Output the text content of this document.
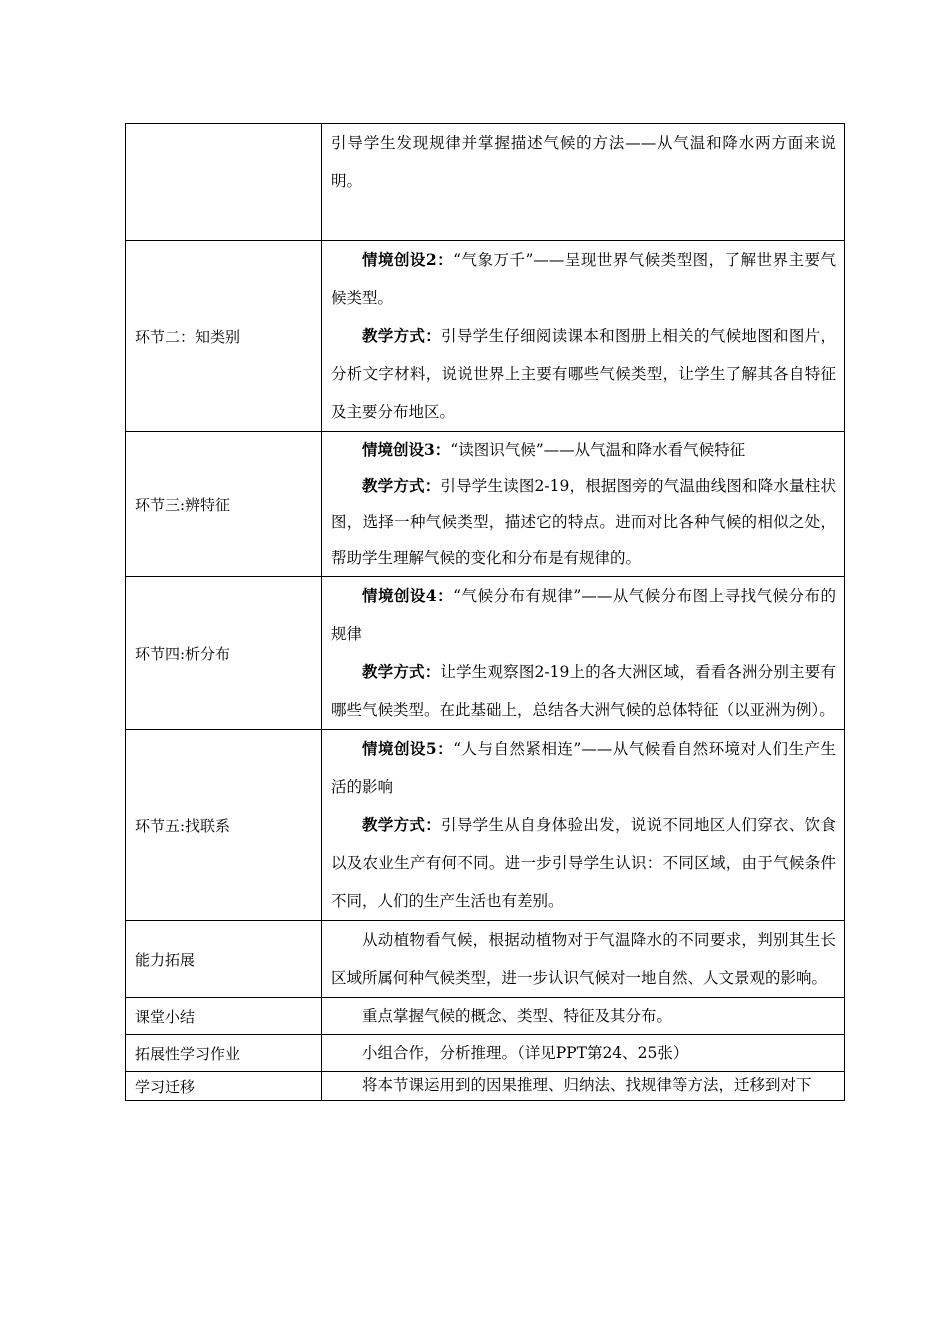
	引导学生发现规律并掌握描述气候的方法——从气温和降水两方面来说明。

环节二：知类别	情境创设2：“气象万千”——呈现世界气候类型图，了解世界主要气候类型。

教学方式：引导学生仔细阅读课本和图册上相关的气候地图和图片，分析文字材料，说说世界上主要有哪些气候类型，让学生了解其各自特征及主要分布地区。

环节三:辨特征	情境创设3：“读图识气候”——从气温和降水看气候特征

教学方式：引导学生读图2-19，根据图旁的气温曲线图和降水量柱状图，选择一种气候类型，描述它的特点。进而对比各种气候的相似之处，帮助学生理解气候的变化和分布是有规律的。

环节四:析分布	情境创设4：“气候分布有规律”——从气候分布图上寻找气候分布的规律

教学方式：让学生观察图2-19上的各大洲区域，看看各洲分别主要有哪些气候类型。在此基础上，总结各大洲气候的总体特征（以亚洲为例）。

环节五:找联系	情境创设5：“人与自然紧相连”——从气候看自然环境对人们生产生活的影响

教学方式：引导学生从自身体验出发，说说不同地区人们穿衣、饮食以及农业生产有何不同。进一步引导学生认识：不同区域，由于气候条件不同，人们的生产生活也有差别。

能力拓展	从动植物看气候，根据动植物对于气温降水的不同要求，判别其生长区域所属何种气候类型，进一步认识气候对一地自然、人文景观的影响。

课堂小结	重点掌握气候的概念、类型、特征及其分布。

拓展性学习作业	小组合作，分析推理。（详见PPT第24、25张）

学习迁移	将本节课运用到的因果推理、归纳法、找规律等方法，迁移到对下
